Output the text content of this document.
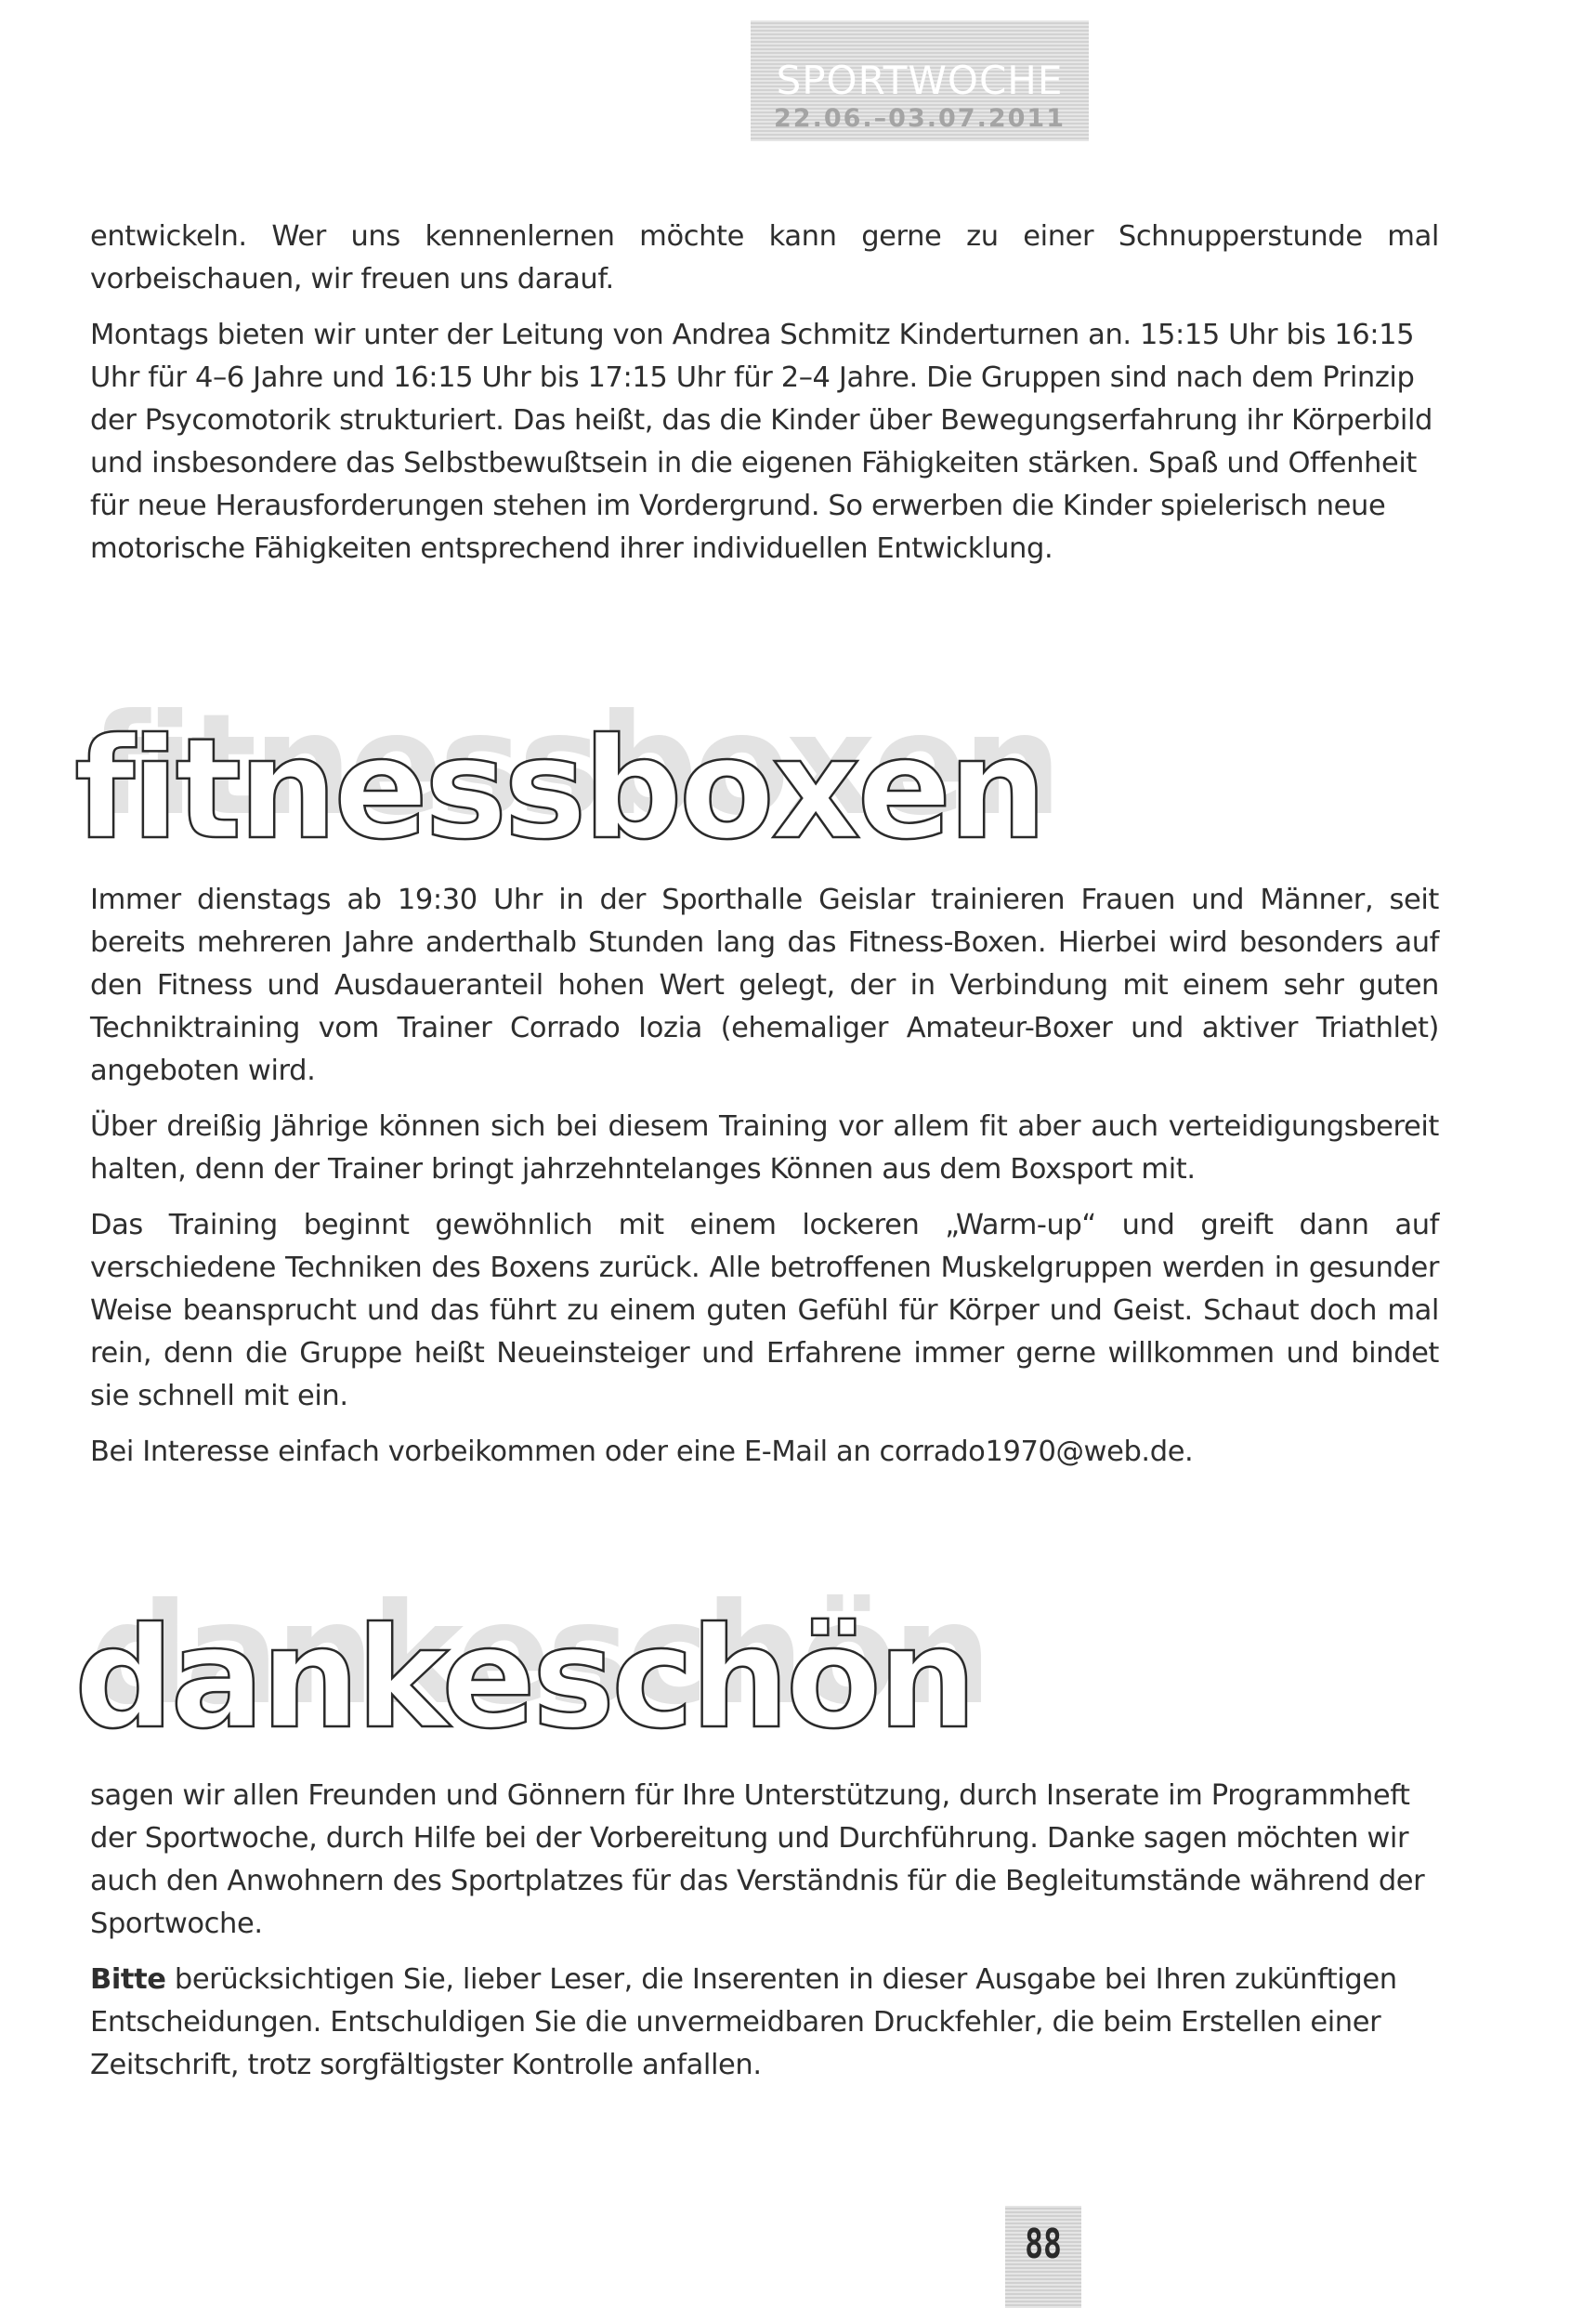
SPORTWOCHE
22.06.–03.07.2011

entwickeln. Wer uns kennenlernen möchte kann gerne zu einer Schnupperstunde mal vorbeischauen, wir freuen uns darauf.

Montags bieten wir unter der Leitung von Andrea Schmitz Kinderturnen an. 15:15 Uhr bis 16:15 Uhr für 4–6 Jahre und 16:15 Uhr bis 17:15 Uhr für 2–4 Jahre. Die Gruppen sind nach dem Prinzip der Psycomotorik strukturiert. Das heißt, das die Kinder über Bewegungserfahrung ihr Körperbild und insbesondere das Selbstbewußtsein in die eigenen Fähigkeiten stärken. Spaß und Offenheit für neue Herausforderungen stehen im Vordergrund. So erwerben die Kinder spielerisch neue motorische Fähigkeiten entsprechend ihrer individuellen Entwicklung.

fitnessboxen

Immer dienstags ab 19:30 Uhr in der Sporthalle Geislar trainieren Frauen und Männer, seit bereits mehreren Jahre anderthalb Stunden lang das Fitness-Boxen. Hierbei wird besonders auf den Fitness und Ausdaueranteil hohen Wert gelegt, der in Verbindung mit einem sehr guten Techniktraining vom Trainer Corrado Iozia (ehemaliger Amateur-Boxer und aktiver Triathlet) angeboten wird.

Über dreißig Jährige können sich bei diesem Training vor allem fit aber auch verteidigungsbereit halten, denn der Trainer bringt jahrzehntelanges Können aus dem Boxsport mit.

Das Training beginnt gewöhnlich mit einem lockeren „Warm-up“ und greift dann auf verschiedene Techniken des Boxens zurück. Alle betroffenen Muskelgruppen werden in gesunder Weise beansprucht und das führt zu einem guten Gefühl für Körper und Geist. Schaut doch mal rein, denn die Gruppe heißt Neueinsteiger und Erfahrene immer gerne willkommen und bindet sie schnell mit ein.

Bei Interesse einfach vorbeikommen oder eine E-Mail an corrado1970@web.de.

dankeschön

sagen wir allen Freunden und Gönnern für Ihre Unterstützung, durch Inserate im Programmheft der Sportwoche, durch Hilfe bei der Vorbereitung und Durchführung. Danke sagen möchten wir auch den Anwohnern des Sportplatzes für das Verständnis für die Begleitumstände während der Sportwoche.

Bitte berücksichtigen Sie, lieber Leser, die Inserenten in dieser Ausgabe bei Ihren zukünftigen Entscheidungen. Entschuldigen Sie die unvermeidbaren Druckfehler, die beim Erstellen einer Zeitschrift, trotz sorgfältigster Kontrolle anfallen.

88
